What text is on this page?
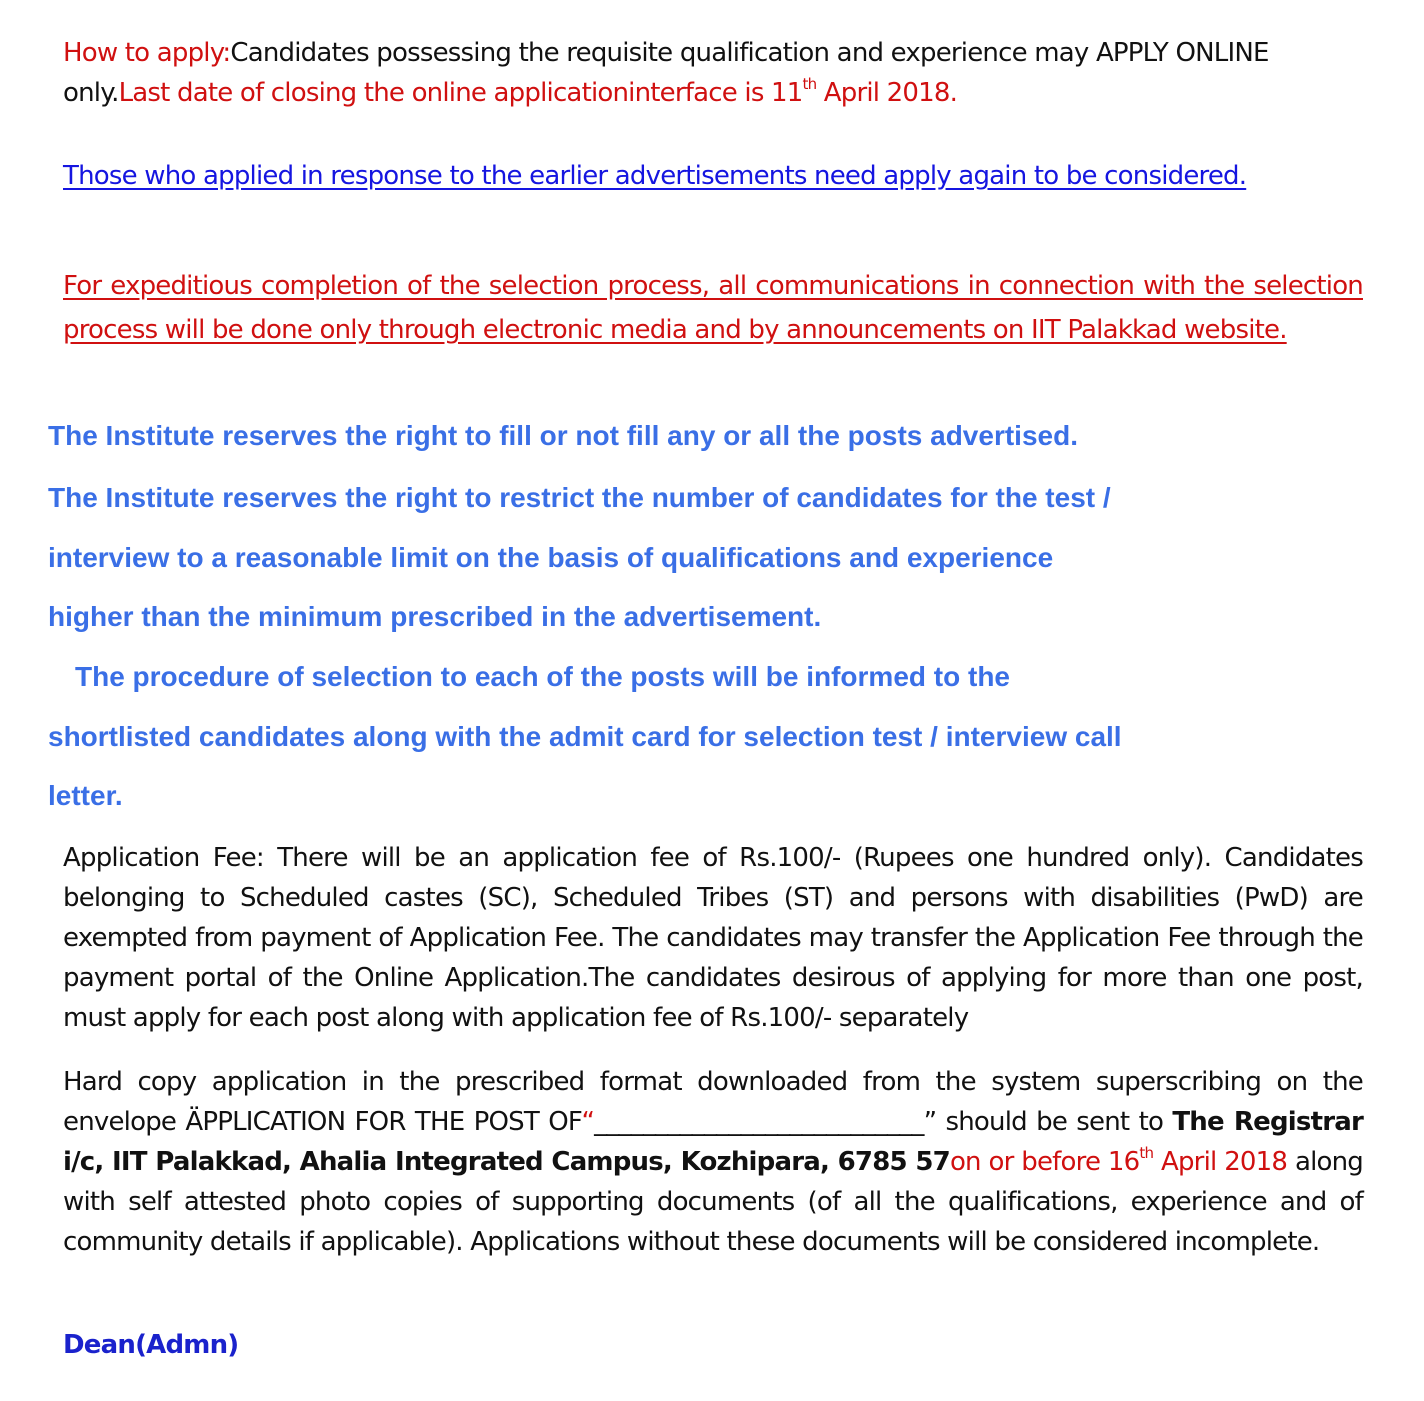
How to apply:Candidates possessing the requisite qualification and experience may APPLY ONLINE only.Last date of closing the online applicationinterface is 11th April 2018.

Those who applied in response to the earlier advertisements need apply again to be considered.

For expeditious completion of the selection process, all communications in connection with the selection process will be done only through electronic media and by announcements on IIT Palakkad website.

The Institute reserves the right to fill or not fill any or all the posts advertised.

The Institute reserves the right to restrict the number of candidates for the test /

interview to a reasonable limit on the basis of qualifications and experience

higher than the minimum prescribed in the advertisement.

The procedure of selection to each of the posts will be informed to the

shortlisted candidates along with the admit card for selection test / interview call

letter.

Application Fee: There will be an application fee of Rs.100/- (Rupees one hundred only). Candidates belonging to Scheduled castes (SC), Scheduled Tribes (ST) and persons with disabilities (PwD) are exempted from payment of Application Fee. The candidates may transfer the Application Fee through the payment portal of the Online Application.The candidates desirous of applying for more than one post, must apply for each post along with application fee of Rs.100/- separately

Hard copy application in the prescribed format downloaded from the system superscribing on the envelope ÄPPLICATION FOR THE POST OF“___________________________” should be sent to The Registrar i/c, IIT Palakkad, Ahalia Integrated Campus, Kozhipara, 6785 57on or before 16th April 2018 along with self attested photo copies of supporting documents (of all the qualifications, experience and of community details if applicable). Applications without these documents will be considered incomplete.

Dean(Admn)
